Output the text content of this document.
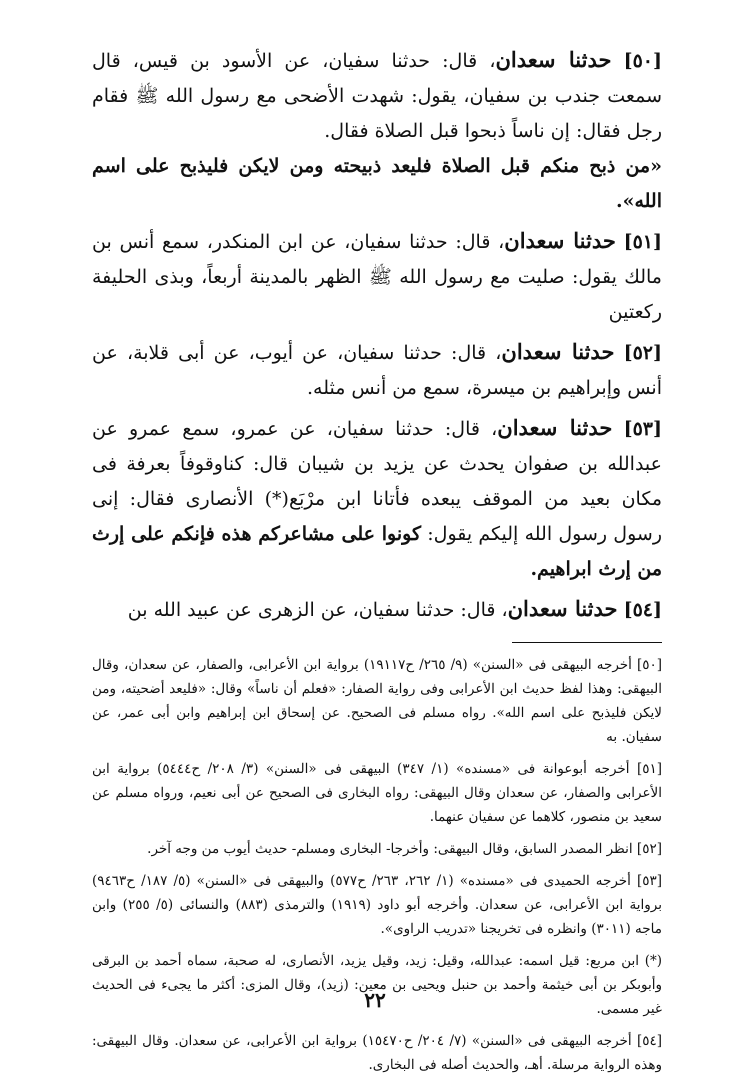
[٥٠] حدثنا سعدان، قال: حدثنا سفيان، عن الأسود بن قيس، قال سمعت جندب بن سفيان، يقول: شهدت الأضحى مع رسول الله ﷺ فقام رجل فقال: إن ناساً ذبحوا قبل الصلاة فقال.

«من ذبح منكم قبل الصلاة فليعد ذبيحته ومن لايكن فليذبح على اسم الله».

[٥١] حدثنا سعدان، قال: حدثنا سفيان، عن ابن المنكدر، سمع أنس بن مالك يقول: صليت مع رسول الله ﷺ الظهر بالمدينة أربعاً، وبذى الحليفة ركعتين

[٥٢] حدثنا سعدان، قال: حدثنا سفيان، عن أيوب، عن أبى قلابة، عن أنس وإبراهيم بن ميسرة، سمع من أنس مثله.

[٥٣] حدثنا سعدان، قال: حدثنا سفيان، عن عمرو، سمع عمرو عن عبدالله بن صفوان يحدث عن يزيد بن شيبان قال: كناوقوفاً بعرفة فى مكان بعيد من الموقف يبعده فأتانا ابن مرْبَع(*) الأنصارى فقال: إنى رسول رسول الله إليكم يقول: كونوا على مشاعركم هذه فإنكم على إرث من إرث ابراهيم.

[٥٤] حدثنا سعدان، قال: حدثنا سفيان، عن الزهرى عن عبيد الله بن

[٥٠] أخرجه البيهقى فى «السنن» (٩/ ٢٦٥/ ح١٩١١٧) برواية ابن الأعرابى، والصفار، عن سعدان، وقال البيهقى: وهذا لفظ حديث ابن الأعرابى وفى رواية الصفار: «فعلم أن ناساً» وقال: «فليعد أضحيته، ومن لايكن فليذبح على اسم الله». رواه مسلم فى الصحيح. عن إسحاق ابن إبراهيم وابن أبى عمر، عن سفيان. به

[٥١] أخرجه أبوعوانة فى «مسنده» (١/ ٣٤٧) البيهقى فى «السنن» (٣/ ٢٠٨/ ح٥٤٤٤) برواية ابن الأعرابى والصفار، عن سعدان وقال البيهقى: رواه البخارى فى الصحيح عن أبى نعيم، ورواه مسلم عن سعيد بن منصور، كلاهما عن سفيان عنهما.

[٥٢] انظر المصدر السابق، وقال البيهقى: وأخرجا- البخارى ومسلم- حديث أيوب من وجه آخر.

[٥٣] أخرجه الحميدى فى «مسنده» (١/ ٢٦٢، ٢٦٣/ ح٥٧٧) والبيهقى فى «السنن» (٥/ ١٨٧/ ح٩٤٦٣) برواية ابن الأعرابى، عن سعدان. وأخرجه أبو داود (١٩١٩) والترمذى (٨٨٣) والنسائى (٥/ ٢٥٥) وابن ماجه (٣٠١١) وانظره فى تخريجنا «تدريب الراوى».

(*) ابن مربع: قيل اسمه: عبدالله، وقيل: زيد، وقيل يزيد، الأنصارى، له صحبة، سماه أحمد بن البرقى وأبوبكر بن أبى خيثمة وأحمد بن حنبل ويحيى بن معين: (زيد)، وقال المزى: أكثر ما يجىء فى الحديث غير مسمى.

[٥٤] أخرجه البيهقى فى «السنن» (٧/ ٢٠٤/ ح١٥٤٧٠) برواية ابن الأعرابى، عن سعدان. وقال البيهقى: وهذه الرواية مرسلة. أهـ، والحديث أصله فى البخارى.

٢٢
